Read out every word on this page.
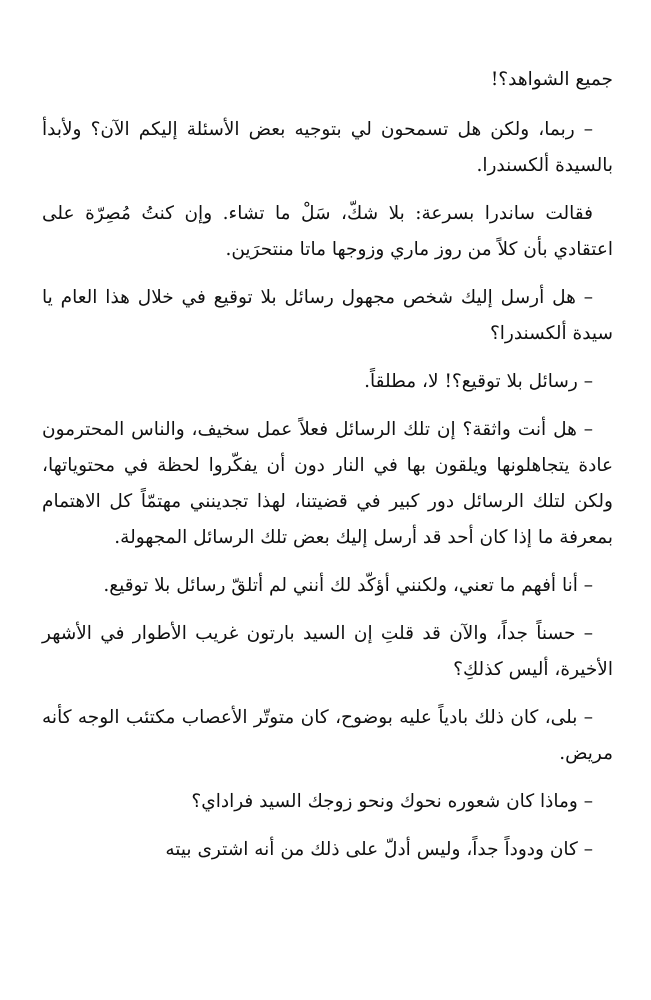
جميع الشواهد؟!

– ربما، ولكن هل تسمحون لي بتوجيه بعض الأسئلة إليكم الآن؟ ولأبدأ بالسيدة ألكسندرا.

فقالت ساندرا بسرعة: بلا شكّ، سَلْ ما تشاء. وإن كنتُ مُصِرّة على اعتقادي بأن كلاً من روز ماري وزوجها ماتا منتحرَين.

– هل أرسل إليك شخص مجهول رسائل بلا توقيع في خلال هذا العام يا سيدة ألكسندرا؟

– رسائل بلا توقيع؟! لا، مطلقاً.

– هل أنت واثقة؟ إن تلك الرسائل فعلاً عمل سخيف، والناس المحترمون عادة يتجاهلونها ويلقون بها في النار دون أن يفكّروا لحظة في محتوياتها، ولكن لتلك الرسائل دور كبير في قضيتنا، لهذا تجدينني مهتمّاً كل الاهتمام بمعرفة ما إذا كان أحد قد أرسل إليك بعض تلك الرسائل المجهولة.

– أنا أفهم ما تعني، ولكنني أؤكّد لك أنني لم أتلقّ رسائل بلا توقيع.

– حسناً جداً، والآن قد قلتِ إن السيد بارتون غريب الأطوار في الأشهر الأخيرة، أليس كذلكِ؟

– بلى، كان ذلك بادياً عليه بوضوح، كان متوتّر الأعصاب مكتئب الوجه كأنه مريض.

– وماذا كان شعوره نحوك ونحو زوجك السيد فراداي؟

– كان ودوداً جداً، وليس أدلّ على ذلك من أنه اشترى بيته
